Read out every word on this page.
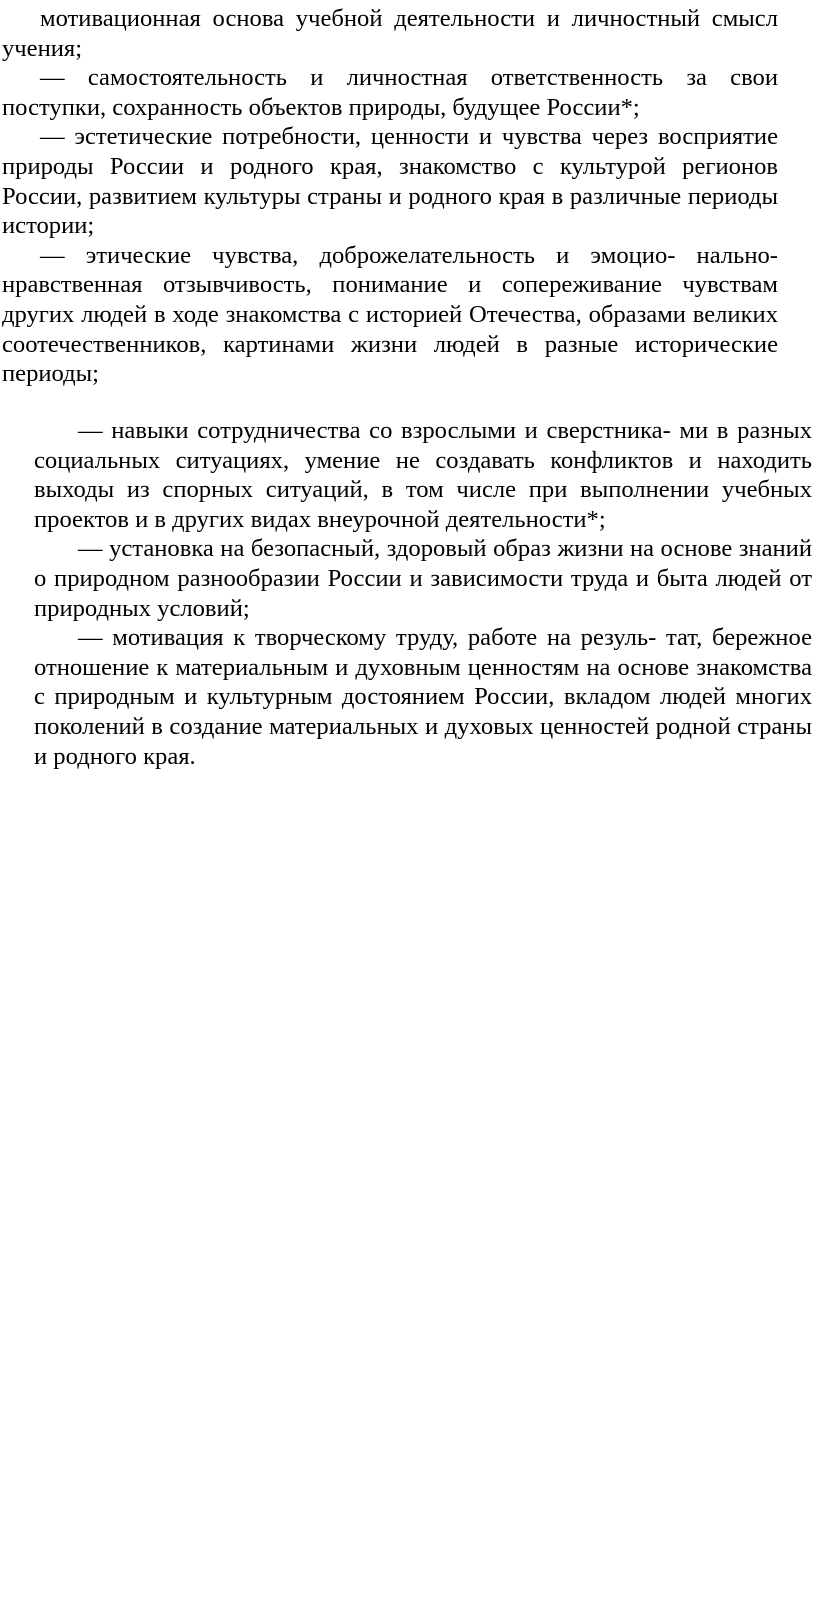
мотивационная основа учебной деятельности и личностный смысл учения;

— самостоятельность и личностная ответственность за свои поступки, сохранность объектов природы, будущее России*;

— эстетические потребности, ценности и чувства через восприятие природы России и родного края, знакомство с культурой регионов России, развитием культуры страны и родного края в различные периоды истории;

— этические чувства, доброжелательность и эмоцио- нально-нравственная отзывчивость, понимание и сопереживание чувствам других людей в ходе знакомства с историей Отечества, образами великих соотечественников, картинами жизни людей в разные исторические периоды;

— навыки сотрудничества со взрослыми и сверстника- ми в разных социальных ситуациях, умение не создавать конфликтов и находить выходы из спорных ситуаций, в том числе при выполнении учебных проектов и в других видах внеурочной деятельности*;

— установка на безопасный, здоровый образ жизни на основе знаний о природном разнообразии России и зависимости труда и быта людей от природных условий;

— мотивация к творческому труду, работе на резуль- тат, бережное отношение к материальным и духовным ценностям на основе знакомства с природным и культурным достоянием России, вкладом людей многих поколений в создание материальных и духовых ценностей родной страны и родного края.
